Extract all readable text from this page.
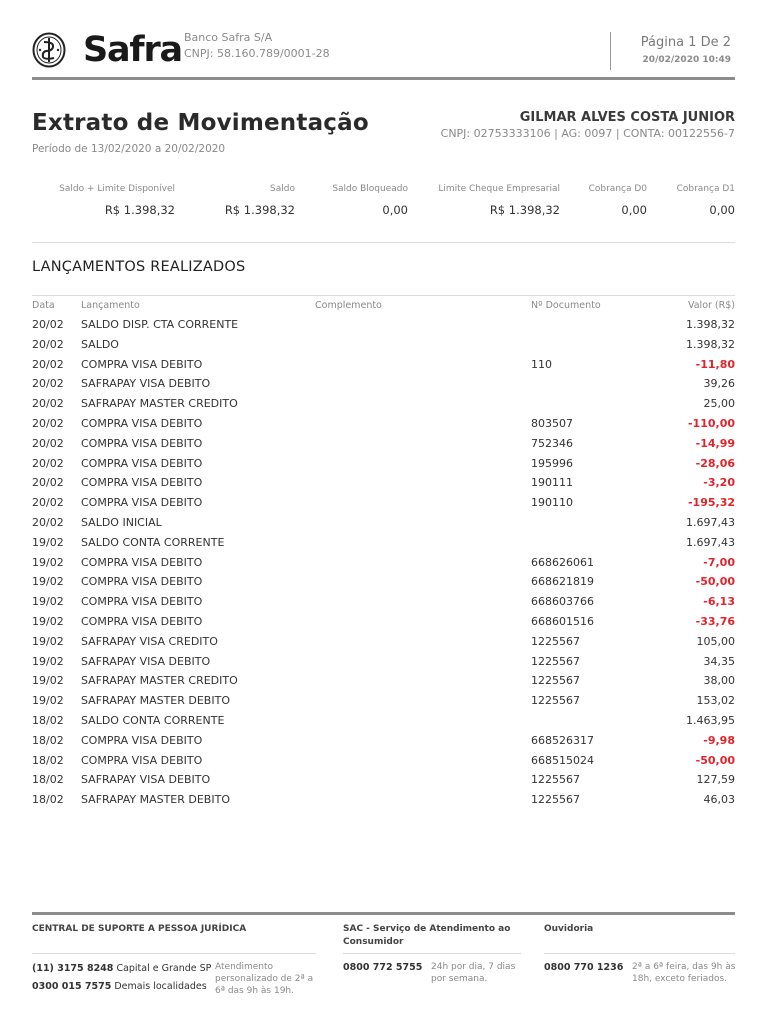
Safra Banco Safra S/A
CNPJ: 58.160.789/0001-28
Página 1 De 2
20/02/2020 10:49
Extrato de Movimentação
Período de 13/02/2020 a 20/02/2020
GILMAR ALVES COSTA JUNIOR
CNPJ: 02753333106 | AG: 0097 | CONTA: 00122556-7
Saldo + Limite Disponível
R$ 1.398,32
Saldo
R$ 1.398,32
Saldo Bloqueado
0,00
Limite Cheque Empresarial
R$ 1.398,32
Cobrança D0
0,00
Cobrança D1
0,00
LANÇAMENTOS REALIZADOS
Data	Lançamento	Complemento	Nº Documento	Valor (R$)
20/02 SALDO DISP. CTA CORRENTE	1.398,32
20/02 SALDO	1.398,32
20/02 COMPRA VISA DEBITO	110	-11,80
20/02 SAFRAPAY VISA DEBITO	39,26
20/02 SAFRAPAY MASTER CREDITO	25,00
20/02 COMPRA VISA DEBITO	803507	-110,00
20/02 COMPRA VISA DEBITO	752346	-14,99
20/02 COMPRA VISA DEBITO	195996	-28,06
20/02 COMPRA VISA DEBITO	190111	-3,20
20/02 COMPRA VISA DEBITO	190110	-195,32
20/02 SALDO INICIAL	1.697,43
19/02 SALDO CONTA CORRENTE	1.697,43
19/02 COMPRA VISA DEBITO	668626061	-7,00
19/02 COMPRA VISA DEBITO	668621819	-50,00
19/02 COMPRA VISA DEBITO	668603766	-6,13
19/02 COMPRA VISA DEBITO	668601516	-33,76
19/02 SAFRAPAY VISA CREDITO	1225567	105,00
19/02 SAFRAPAY VISA DEBITO	1225567	34,35
19/02 SAFRAPAY MASTER CREDITO	1225567	38,00
19/02 SAFRAPAY MASTER DEBITO	1225567	153,02
18/02 SALDO CONTA CORRENTE	1.463,95
18/02 COMPRA VISA DEBITO	668526317	-9,98
18/02 COMPRA VISA DEBITO	668515024	-50,00
18/02 SAFRAPAY VISA DEBITO	1225567	127,59
18/02 SAFRAPAY MASTER DEBITO	1225567	46,03
CENTRAL DE SUPORTE A PESSOA JURÍDICA
(11) 3175 8248 Capital e Grande SP
0300 015 7575 Demais localidades
Atendimento personalizado de 2ª a 6ª das 9h às 19h.
SAC - Serviço de Atendimento ao Consumidor
0800 772 5755 24h por dia, 7 dias por semana.
Ouvidoria
0800 770 1236 2ª a 6ª feira, das 9h às 18h, exceto feriados.
